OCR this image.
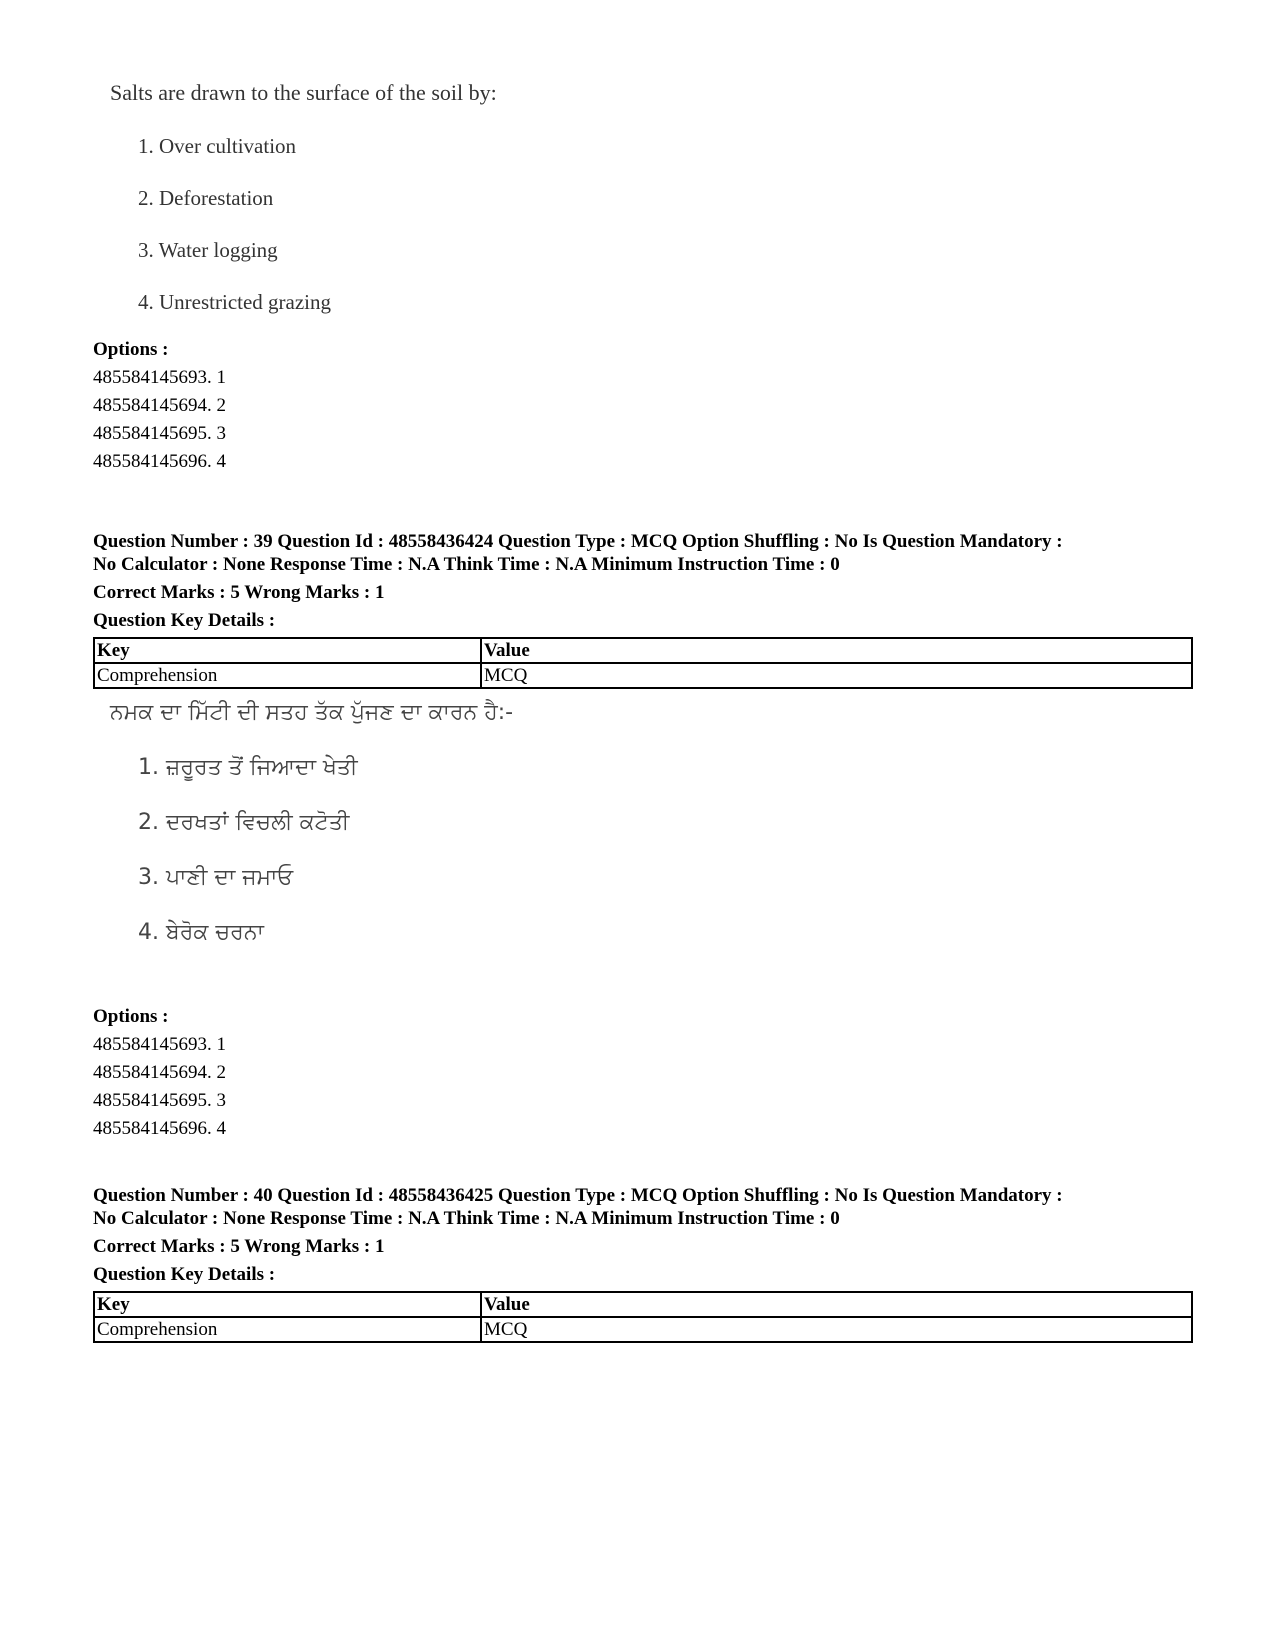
Salts are drawn to the surface of the soil by:
1. Over cultivation
2. Deforestation
3. Water logging
4. Unrestricted grazing
Options :
485584145693. 1
485584145694. 2
485584145695. 3
485584145696. 4
Question Number : 39 Question Id : 48558436424 Question Type : MCQ Option Shuffling : No Is Question Mandatory :
No Calculator : None Response Time : N.A Think Time : N.A Minimum Instruction Time : 0
Correct Marks : 5 Wrong Marks : 1
Question Key Details :
Key	Value
Comprehension	MCQ
ਨਮਕ ਦਾ ਮਿੱਟੀ ਦੀ ਸਤਹ ਤੱਕ ਪੁੱਜਣ ਦਾ ਕਾਰਨ ਹੈ:-
1. ਜ਼ਰੂਰਤ ਤੋਂ ਜਿਆਦਾ ਖੇਤੀ
2. ਦਰਖਤਾਂ ਵਿਚਲੀ ਕਟੋਤੀ
3. ਪਾਣੀ ਦਾ ਜਮਾਓ
4. ਬੇਰੋਕ ਚਰਨਾ
Options :
485584145693. 1
485584145694. 2
485584145695. 3
485584145696. 4
Question Number : 40 Question Id : 48558436425 Question Type : MCQ Option Shuffling : No Is Question Mandatory :
No Calculator : None Response Time : N.A Think Time : N.A Minimum Instruction Time : 0
Correct Marks : 5 Wrong Marks : 1
Question Key Details :
Key	Value
Comprehension	MCQ
